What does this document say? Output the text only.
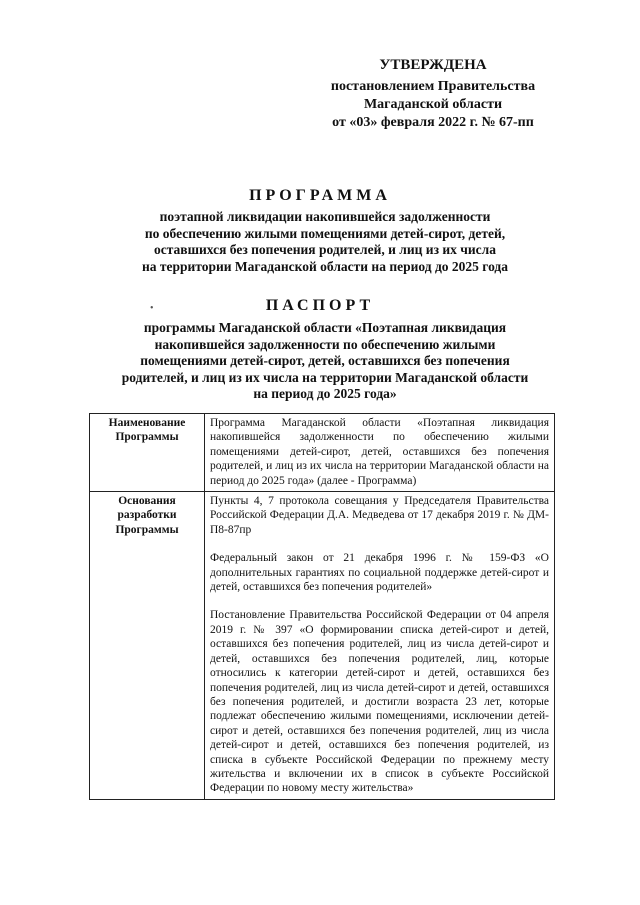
УТВЕРЖДЕНА
постановлением Правительства
Магаданской области
от «03» февраля 2022 г. № 67-пп
ПРОГРАММА
поэтапной ликвидации накопившейся задолженности
по обеспечению жилыми помещениями детей-сирот, детей,
оставшихся без попечения родителей, и лиц из их числа
на территории Магаданской области на период до 2025 года
•	ПАСПОРТ
программы Магаданской области «Поэтапная ликвидация
накопившейся задолженности по обеспечению жилыми
помещениями детей-сирот, детей, оставшихся без попечения
родителей, и лиц из их числа на территории Магаданской области
на период до 2025 года»
Наименование Программы	Программа Магаданской области «Поэтапная ликвидация накопившейся задолженности по обеспечению жилыми помещениями детей-сирот, детей, оставшихся без попечения родителей, и лиц из их числа на территории Магаданской области на период до 2025 года» (далее - Программа)

Основания разработки Программы	Пункты 4, 7 протокола совещания у Председателя Правительства Российской Федерации Д.А. Медведева от 17 декабря 2019 г. № ДМ-П8-87пр

Федеральный закон от 21 декабря 1996 г. № 159-ФЗ «О дополнительных гарантиях по социальной поддержке детей-сирот и детей, оставшихся без попечения родителей»

Постановление Правительства Российской Федерации от 04 апреля 2019 г. № 397 «О формировании списка детей-сирот и детей, оставшихся без попечения родителей, лиц из числа детей-сирот и детей, оставшихся без попечения родителей, лиц, которые относились к категории детей-сирот и детей, оставшихся без попечения родителей, лиц из числа детей-сирот и детей, оставшихся без попечения родителей, и достигли возраста 23 лет, которые подлежат обеспечению жилыми помещениями, исключении детей-сирот и детей, оставшихся без попечения родителей, лиц из числа детей-сирот и детей, оставшихся без попечения родителей, из списка в субъекте Российской Федерации по прежнему месту жительства и включении их в список в субъекте Российской Федерации по новому месту жительства»
